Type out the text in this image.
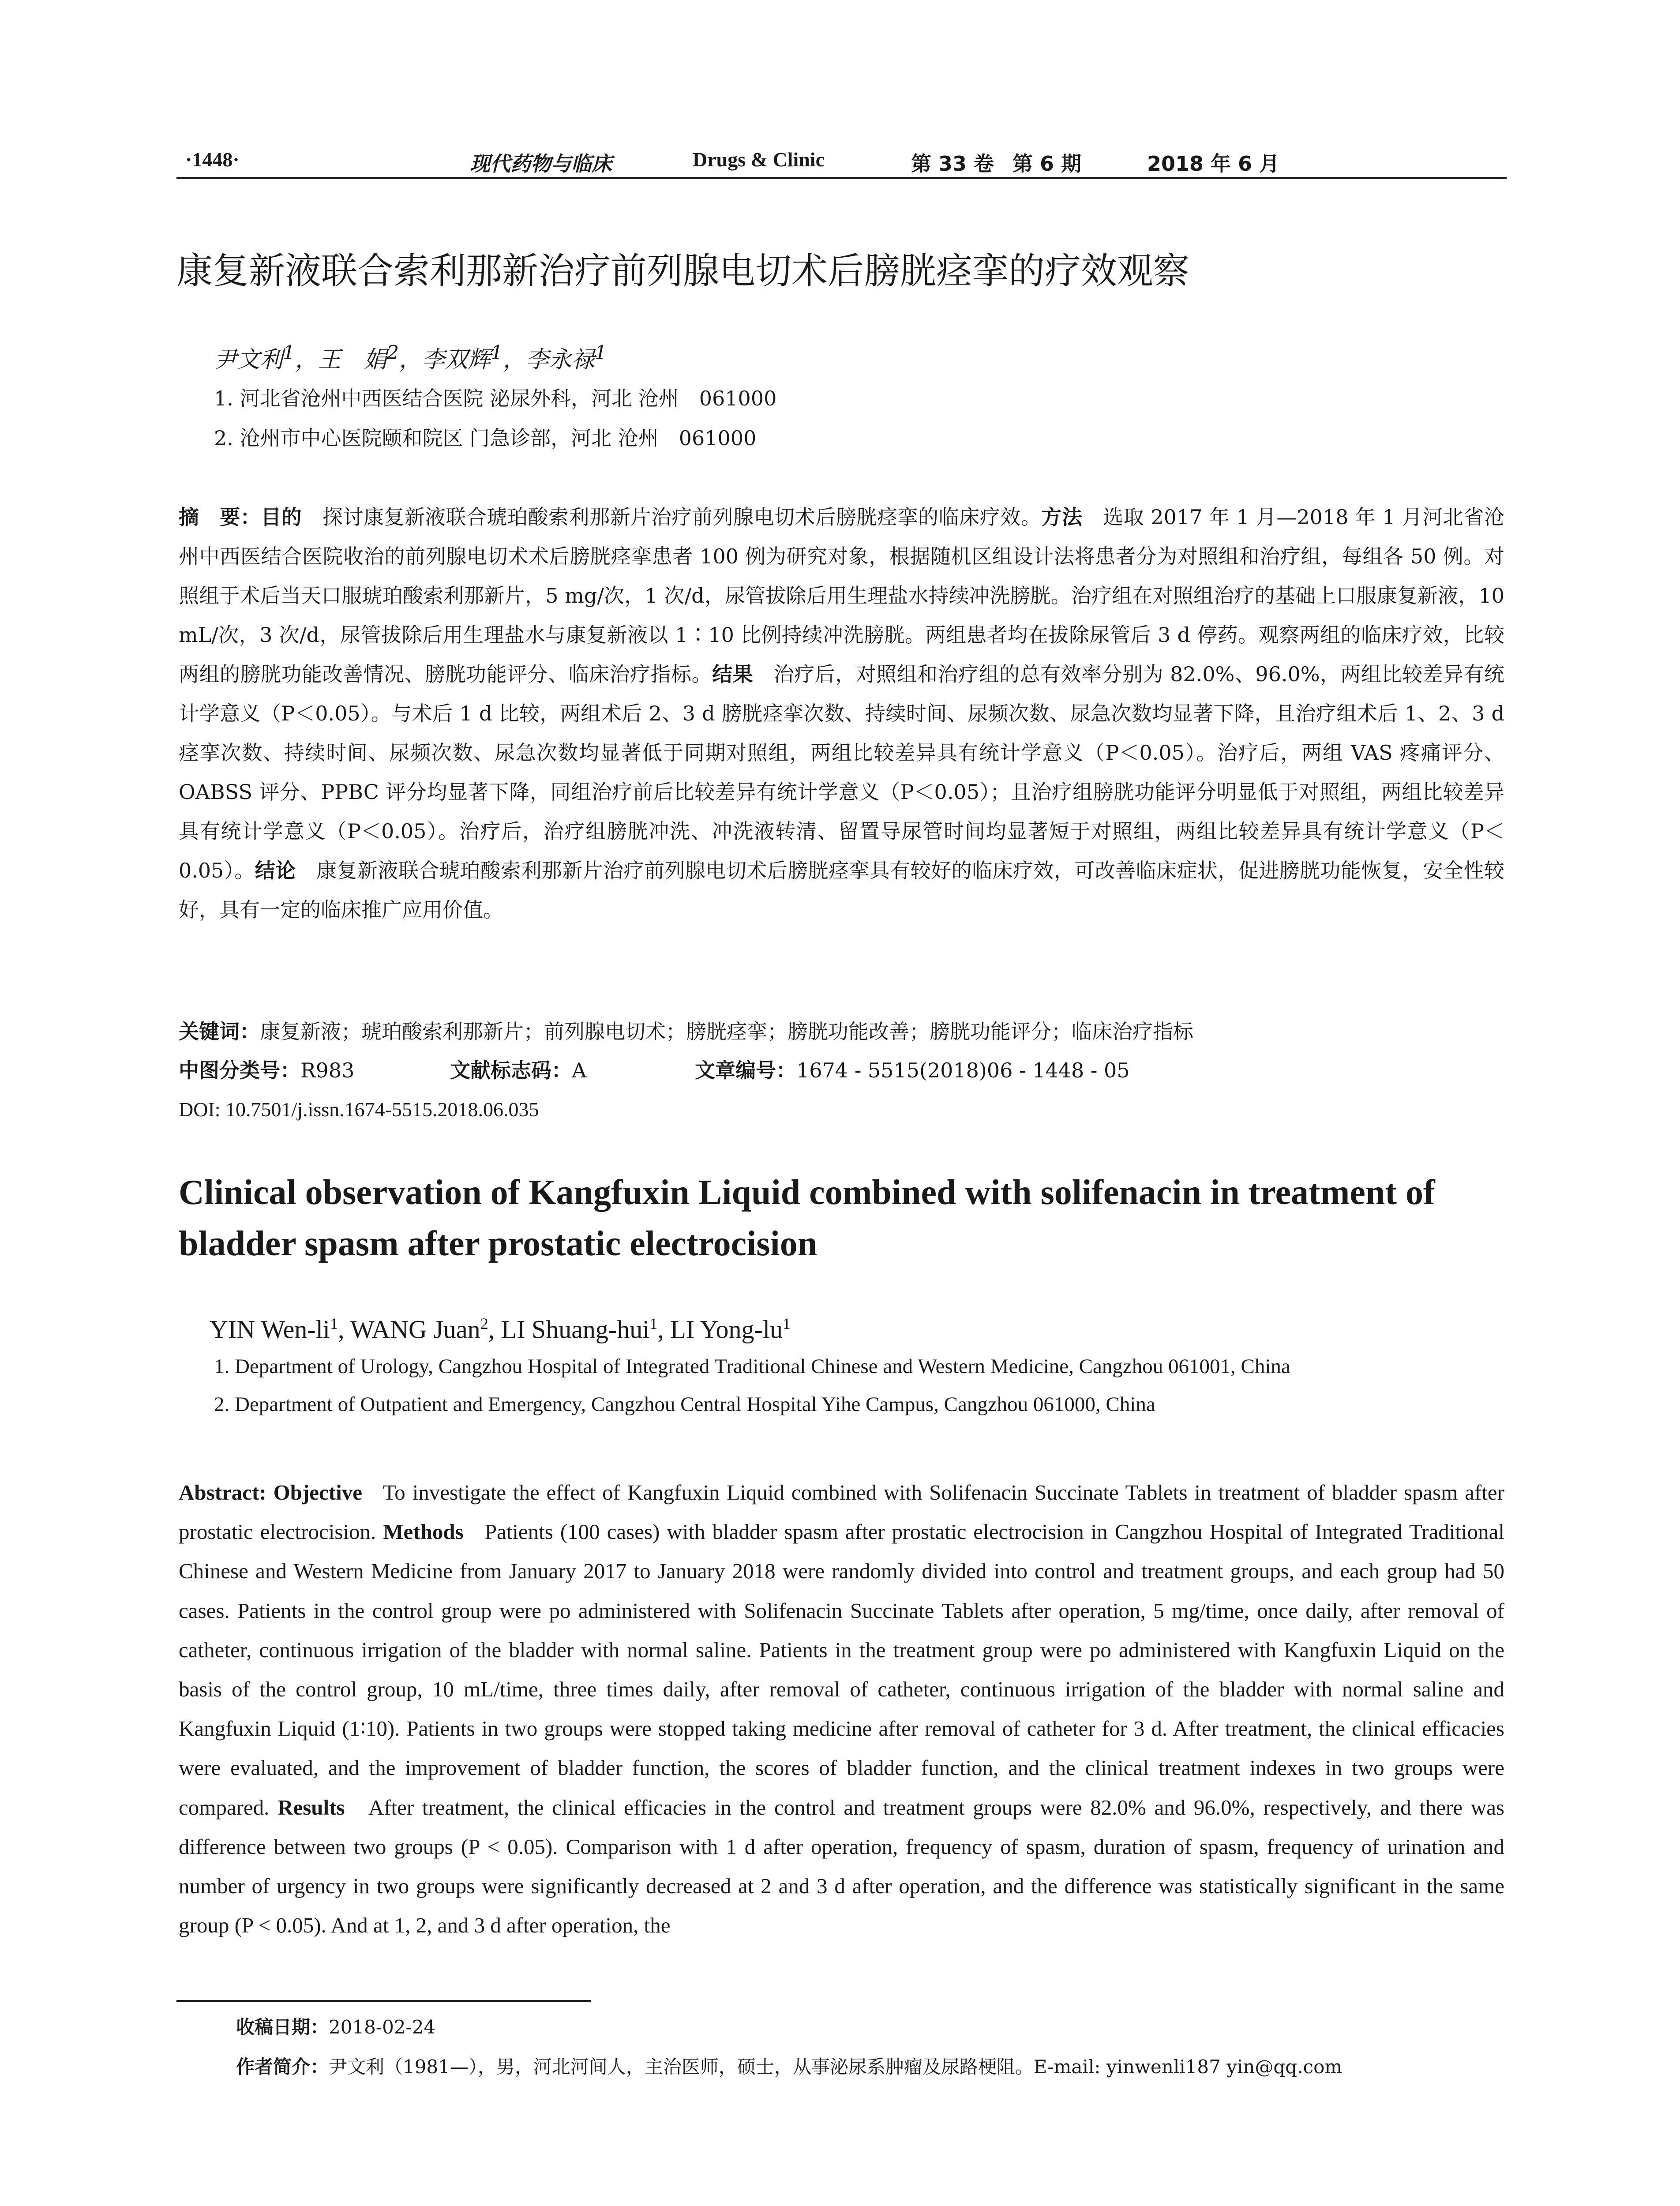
·1448·	现代药物与临床	Drugs & Clinic	第 33 卷 第 6 期	2018 年 6 月
康复新液联合索利那新治疗前列腺电切术后膀胱痉挛的疗效观察
尹文利$^1$，王　娟$^2$，李双辉$^1$，李永禄$^1$
1. 河北省沧州中西医结合医院 泌尿外科，河北 沧州　061000
2. 沧州市中心医院颐和院区 门急诊部，河北 沧州　061000
摘　要：目的　 探讨康复新液联合琥珀酸索利那新片治疗前列腺电切术后膀胱痉挛的临床疗效。方法　 选取 2017 年 1 月—2018 年 1 月河北省沧州中西医结合医院收治的前列腺电切术术后膀胱痉挛患者 100 例为研究对象，根据随机区组设计法将患者分为对照组和治疗组，每组各 50 例。对照组于术后当天口服琥珀酸索利那新片，5 mg/次，1 次/d，尿管拔除后用生理盐水持续冲洗膀胱。治疗组在对照组治疗的基础上口服康复新液，10 mL/次，3 次/d，尿管拔除后用生理盐水与康复新液以 1∶10 比例持续冲洗膀胱。两组患者均在拔除尿管后 3 d 停药。观察两组的临床疗效，比较两组的膀胱功能改善情况、膀胱功能评分、临床治疗指标。结果　 治疗后，对照组和治疗组的总有效率分别为 82.0%、96.0%，两组比较差异有统计学意义（P＜0.05）。与术后 1 d 比较，两组术后 2、3 d 膀胱痉挛次数、持续时间、尿频次数、尿急次数均显著下降，且治疗组术后 1、2、3 d 痉挛次数、持续时间、尿频次数、尿急次数均显著低于同期对照组，两组比较差异具有统计学意义（P＜0.05）。治疗后，两组 VAS 疼痛评分、OABSS 评分、PPBC 评分均显著下降，同组治疗前后比较差异有统计学意义（P＜0.05）；且治疗组膀胱功能评分明显低于对照组，两组比较差异具有统计学意义（P＜0.05）。治疗后，治疗组膀胱冲洗、冲洗液转清、留置导尿管时间均显著短于对照组，两组比较差异具有统计学意义（P＜0.05）。结论　 康复新液联合琥珀酸索利那新片治疗前列腺电切术后膀胱痉挛具有较好的临床疗效，可改善临床症状，促进膀胱功能恢复，安全性较好，具有一定的临床推广应用价值。
关键词：康复新液；琥珀酸索利那新片；前列腺电切术；膀胱痉挛；膀胱功能改善；膀胱功能评分；临床治疗指标
中图分类号：R983	文献标志码：A	文章编号：1674 - 5515(2018)06 - 1448 - 05
DOI: 10.7501/j.issn.1674-5515.2018.06.035
Clinical observation of Kangfuxin Liquid combined with solifenacin in treatment of bladder spasm after prostatic electrocision
YIN Wen-$li^1$, WANG Juan$^2$, LI Shuang-hui$^1$, LI Yong-$lu^1$
1. Department of Urology, Cangzhou Hospital of Integrated Traditional Chinese and Western Medicine, Cangzhou 061001, China
2. Department of Outpatient and Emergency, Cangzhou Central Hospital Yihe Campus, Cangzhou 061000, China
Abstract: Objective To investigate the effect of Kangfuxin Liquid combined with Solifenacin Succinate Tablets in treatment of bladder spasm after prostatic electrocision. Methods Patients (100 cases) with bladder spasm after prostatic electrocision in Cangzhou Hospital of Integrated Traditional Chinese and Western Medicine from January 2017 to January 2018 were randomly divided into control and treatment groups, and each group had 50 cases. Patients in the control group were po administered with Solifenacin Succinate Tablets after operation, 5 mg/time, once daily, after removal of catheter, continuous irrigation of the bladder with normal saline. Patients in the treatment group were po administered with Kangfuxin Liquid on the basis of the control group, 10 mL/time, three times daily, after removal of catheter, continuous irrigation of the bladder with normal saline and Kangfuxin Liquid (1∶10). Patients in two groups were stopped taking medicine after removal of catheter for 3 d. After treatment, the clinical efficacies were evaluated, and the improvement of bladder function, the scores of bladder function, and the clinical treatment indexes in two groups were compared. Results After treatment, the clinical efficacies in the control and treatment groups were 82.0% and 96.0%, respectively, and there was difference between two groups (P < 0.05). Comparison with 1 d after operation, frequency of spasm, duration of spasm, frequency of urination and number of urgency in two groups were significantly decreased at 2 and 3 d after operation, and the difference was statistically significant in the same group (P < 0.05). And at 1, 2, and 3 d after operation, the
收稿日期：2018-02-24
作者简介：尹文利（1981—），男，河北河间人，主治医师，硕士，从事泌尿系肿瘤及尿路梗阻。E-mail: yinwenli187 yin@qq.com
